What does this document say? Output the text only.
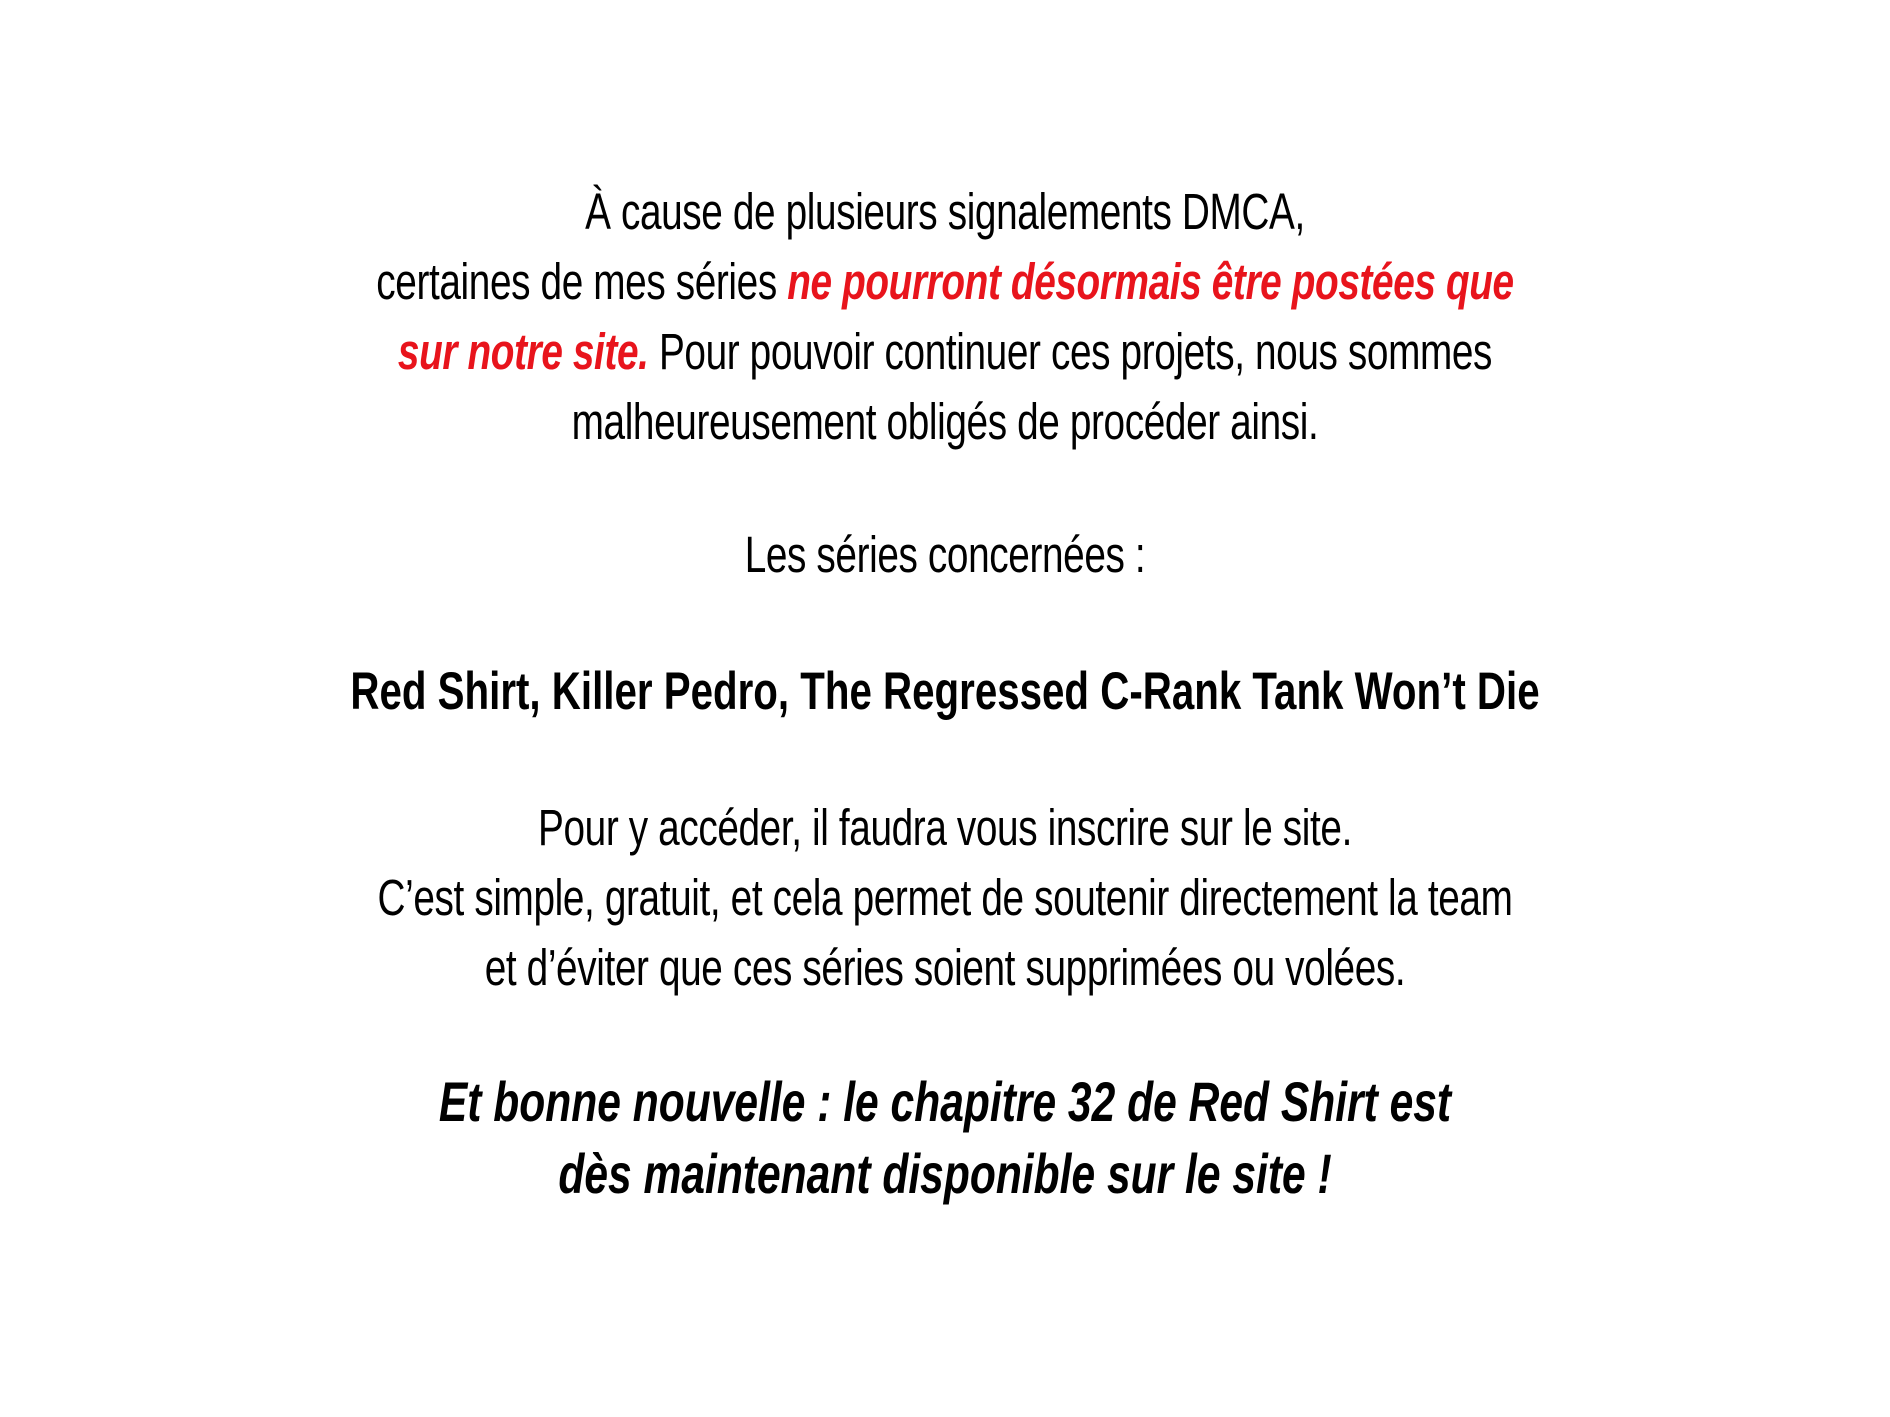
À cause de plusieurs signalements DMCA,
certaines de mes séries ne pourront désormais être postées que
sur notre site. Pour pouvoir continuer ces projets, nous sommes
malheureusement obligés de procéder ainsi.
Les séries concernées :
Red Shirt, Killer Pedro, The Regressed C-Rank Tank Won’t Die
Pour y accéder, il faudra vous inscrire sur le site.
C’est simple, gratuit, et cela permet de soutenir directement la team
et d’éviter que ces séries soient supprimées ou volées.
Et bonne nouvelle : le chapitre 32 de Red Shirt est
dès maintenant disponible sur le site !
